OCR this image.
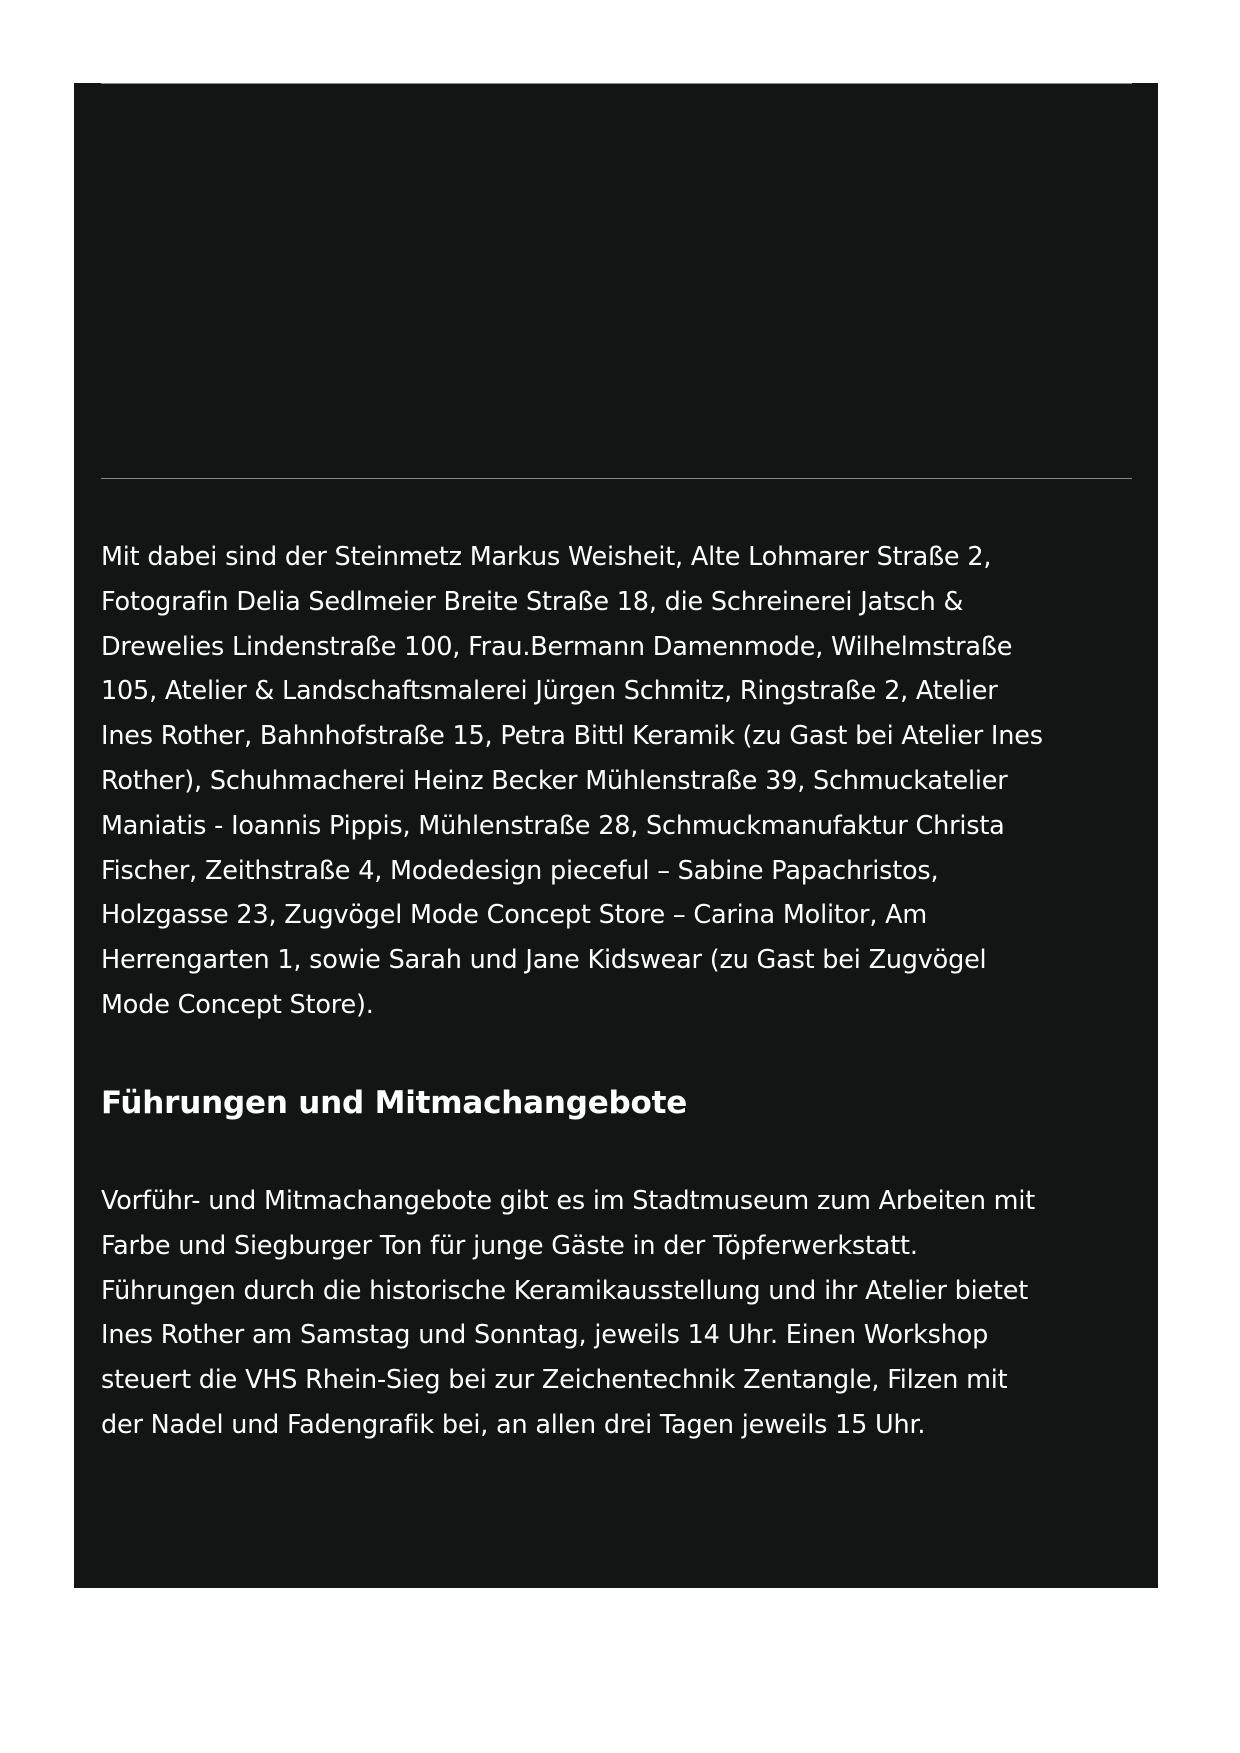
Mit dabei sind der Steinmetz Markus Weisheit, Alte Lohmarer Straße 2,
Fotografin Delia Sedlmeier Breite Straße 18, die Schreinerei Jatsch &
Drewelies Lindenstraße 100, Frau.Bermann Damenmode, Wilhelmstraße
105, Atelier & Landschaftsmalerei Jürgen Schmitz, Ringstraße 2, Atelier
Ines Rother, Bahnhofstraße 15, Petra Bittl Keramik (zu Gast bei Atelier Ines
Rother), Schuhmacherei Heinz Becker Mühlenstraße 39, Schmuckatelier
Maniatis - Ioannis Pippis, Mühlenstraße 28, Schmuckmanufaktur Christa
Fischer, Zeithstraße 4, Modedesign pieceful – Sabine Papachristos,
Holzgasse 23, Zugvögel Mode Concept Store – Carina Molitor, Am
Herrengarten 1, sowie Sarah und Jane Kidswear (zu Gast bei Zugvögel
Mode Concept Store).

Führungen und Mitmachangebote

Vorführ- und Mitmachangebote gibt es im Stadtmuseum zum Arbeiten mit
Farbe und Siegburger Ton für junge Gäste in der Töpferwerkstatt.
Führungen durch die historische Keramikausstellung und ihr Atelier bietet
Ines Rother am Samstag und Sonntag, jeweils 14 Uhr. Einen Workshop
steuert die VHS Rhein-Sieg bei zur Zeichentechnik Zentangle, Filzen mit
der Nadel und Fadengrafik bei, an allen drei Tagen jeweils 15 Uhr.
